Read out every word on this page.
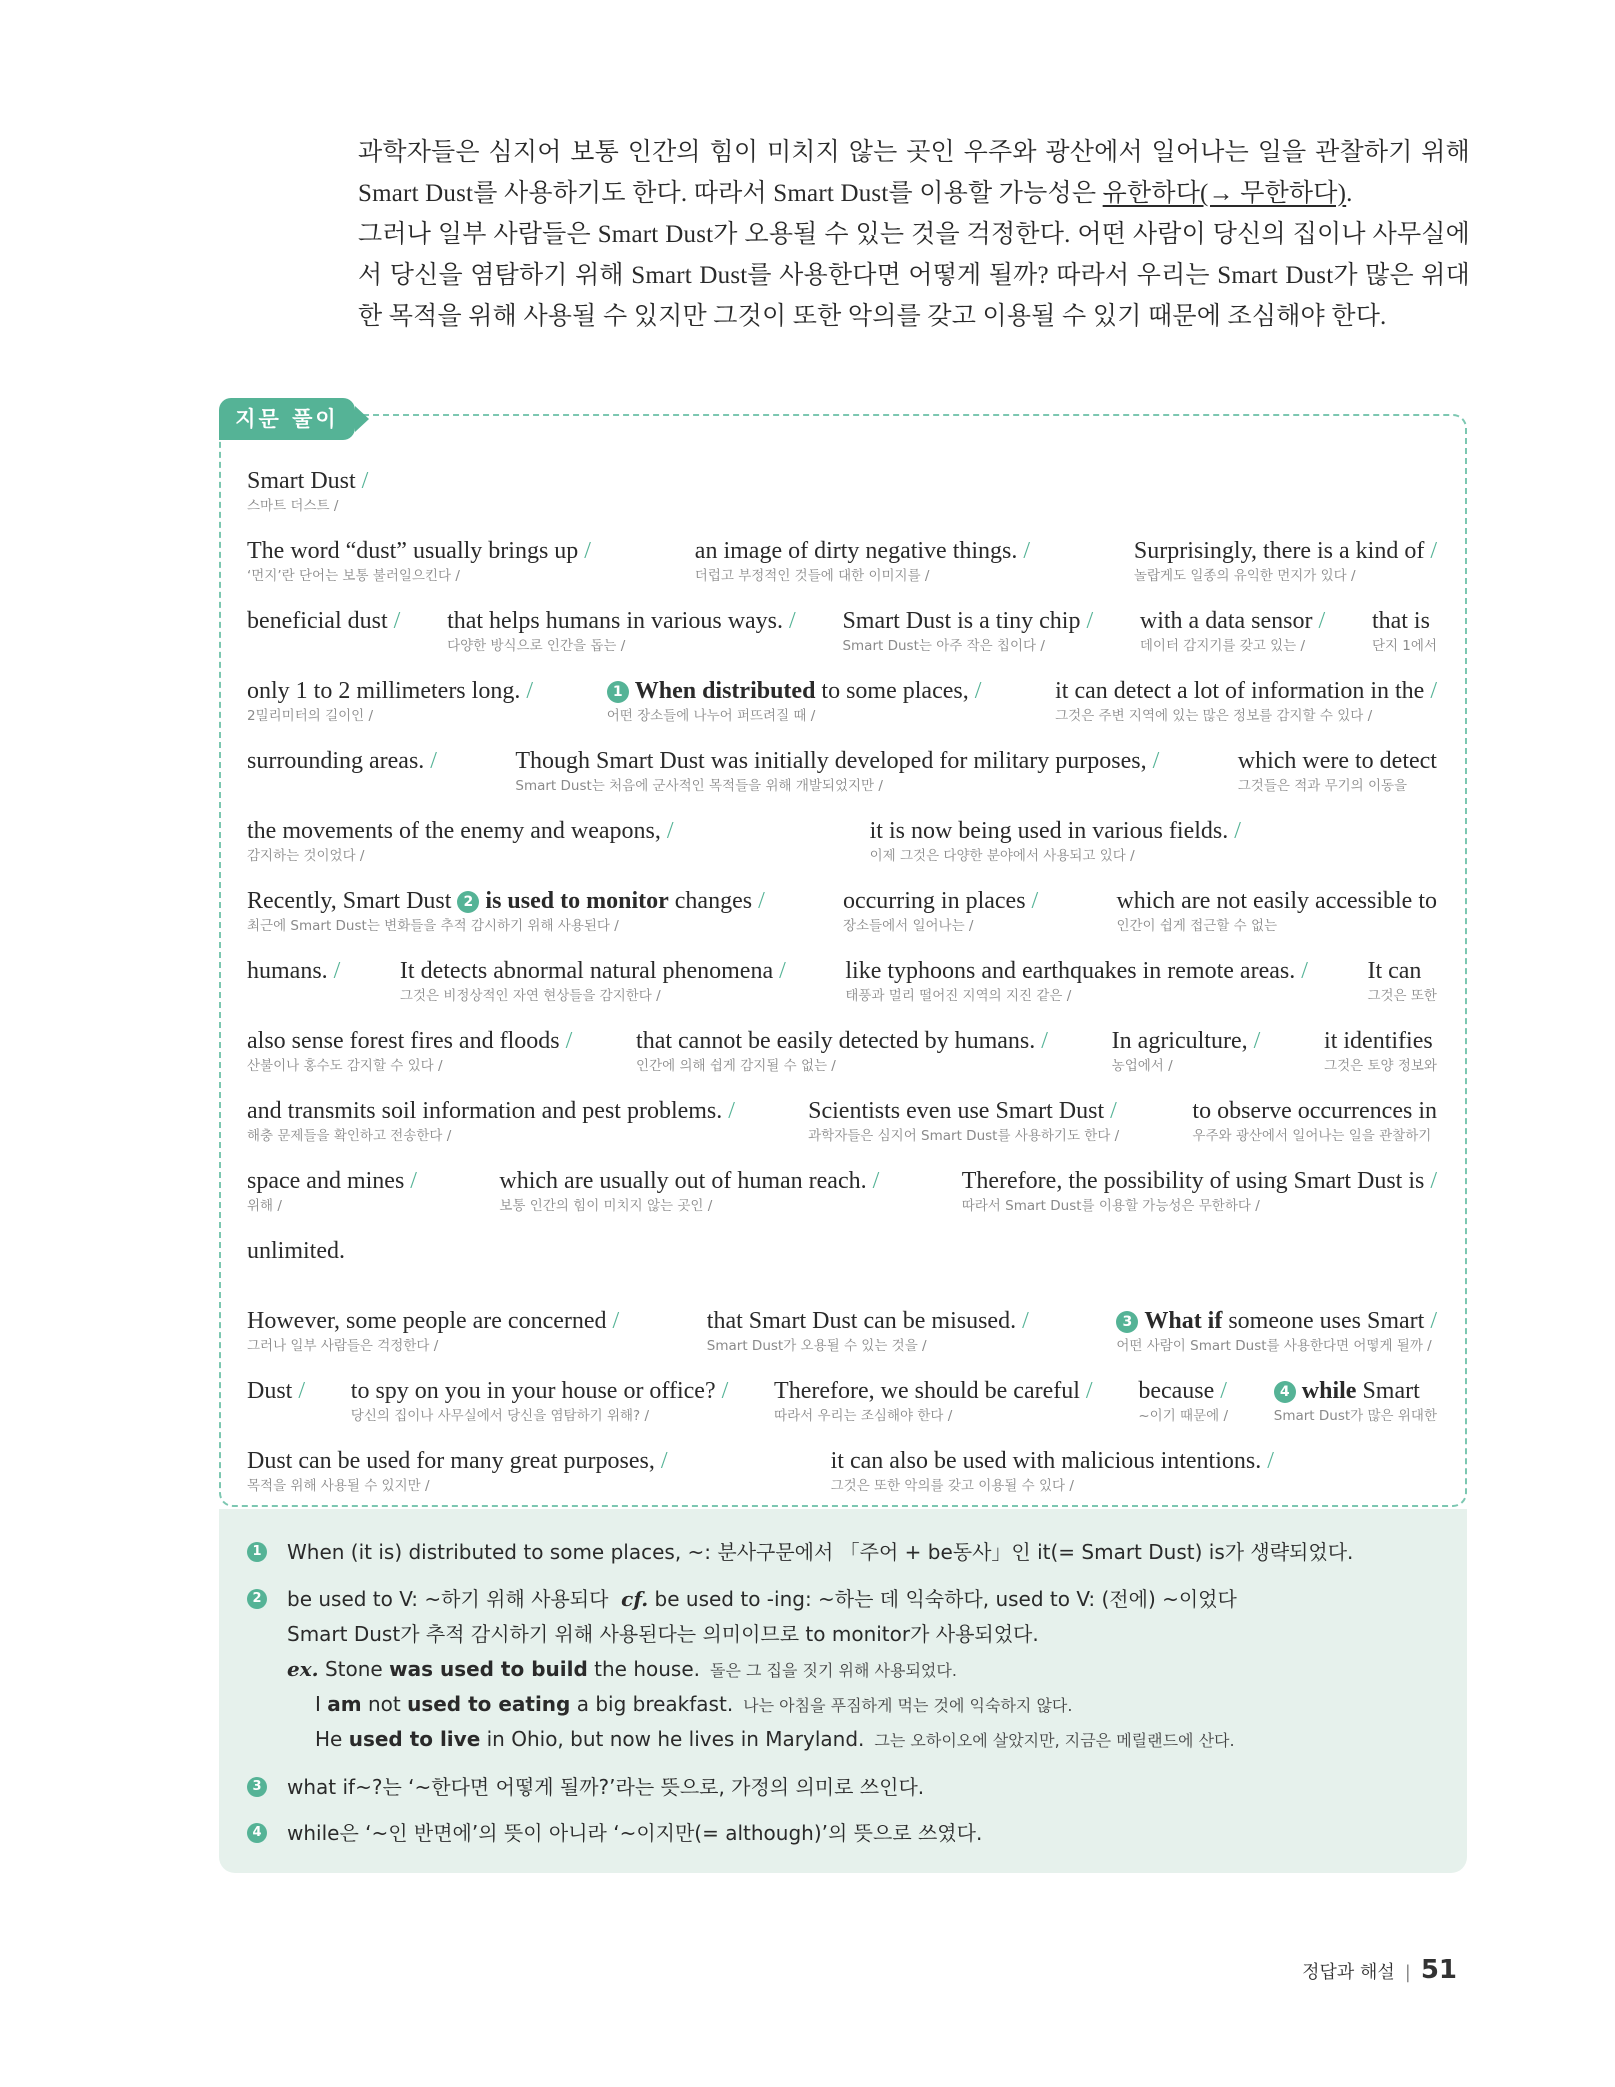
과학자들은 심지어 보통 인간의 힘이 미치지 않는 곳인 우주와 광산에서 일어나는 일을 관찰하기 위해 Smart Dust를 사용하기도 한다. 따라서 Smart Dust를 이용할 가능성은 유한하다(→ 무한하다).

그러나 일부 사람들은 Smart Dust가 오용될 수 있는 것을 걱정한다. 어떤 사람이 당신의 집이나 사무실에서 당신을 염탐하기 위해 Smart Dust를 사용한다면 어떻게 될까? 따라서 우리는 Smart Dust가 많은 위대한 목적을 위해 사용될 수 있지만 그것이 또한 악의를 갖고 이용될 수 있기 때문에 조심해야 한다.

지문 풀이
Smart Dust /
스마트 더스트 /
The word “dust” usually brings up /
‘먼지’란 단어는 보통 불러일으킨다 /
an image of dirty negative things. /
더럽고 부정적인 것들에 대한 이미지를 /
Surprisingly, there is a kind of /
놀랍게도 일종의 유익한 먼지가 있다 /
beneficial dust / that helps humans in various ways. /
다양한 방식으로 인간을 돕는 /
Smart Dust is a tiny chip /
Smart Dust는 아주 작은 칩이다 /
with a data sensor /
데이터 감지기를 갖고 있는 /
that is
단지 1에서
only 1 to 2 millimeters long. /
2밀리미터의 길이인 /
1 When distributed to some places, /
어떤 장소들에 나누어 퍼뜨려질 때 /
it can detect a lot of information in the /
그것은 주변 지역에 있는 많은 정보를 감지할 수 있다 /
surrounding areas. /	Though Smart Dust was initially developed for military purposes, /
Smart Dust는 처음에 군사적인 목적들을 위해 개발되었지만 /
which were to detect
그것들은 적과 무기의 이동을
the movements of the enemy and weapons, /
감지하는 것이었다 /
it is now being used in various fields. /
이제 그것은 다양한 분야에서 사용되고 있다 /
Recently, Smart Dust 2 is used to monitor changes /
최근에 Smart Dust는 변화들을 추적 감시하기 위해 사용된다 /
occurring in places /
장소들에서 일어나는 /
which are not easily accessible to
인간이 쉽게 접근할 수 없는
humans. / It detects abnormal natural phenomena /
그것은 비정상적인 자연 현상들을 감지한다 /
like typhoons and earthquakes in remote areas. /
태풍과 멀리 떨어진 지역의 지진 같은 /
It can
그것은 또한
also sense forest fires and floods /
산불이나 홍수도 감지할 수 있다 /
that cannot be easily detected by humans. /
인간에 의해 쉽게 감지될 수 없는 /
In agriculture, /
농업에서 /
it identifies
그것은 토양 정보와
and transmits soil information and pest problems. /
해충 문제들을 확인하고 전송한다 /
Scientists even use Smart Dust /
과학자들은 심지어 Smart Dust를 사용하기도 한다 /
to observe occurrences in
우주와 광산에서 일어나는 일을 관찰하기
space and mines /
위해 /
which are usually out of human reach. /
보통 인간의 힘이 미치지 않는 곳인 /
Therefore, the possibility of using Smart Dust is /
따라서 Smart Dust를 이용할 가능성은 무한하다 /
unlimited.
However, some people are concerned /
그러나 일부 사람들은 걱정한다 /
that Smart Dust can be misused. /
Smart Dust가 오용될 수 있는 것을 /
3 What if someone uses Smart /
어떤 사람이 Smart Dust를 사용한다면 어떻게 될까 /
Dust / to spy on you in your house or office? /
당신의 집이나 사무실에서 당신을 염탐하기 위해? /
Therefore, we should be careful /
따라서 우리는 조심해야 한다 /
because /
~이기 때문에 /
4 while Smart
Smart Dust가 많은 위대한
Dust can be used for many great purposes, /
목적을 위해 사용될 수 있지만 /
it can also be used with malicious intentions. /
그것은 또한 악의를 갖고 이용될 수 있다 /
1 When (it is) distributed to some places, ~: 분사구문에서 「주어 + be동사」인 it(= Smart Dust) is가 생략되었다.
2 be used to V: ~하기 위해 사용되다 cf. be used to -ing: ~하는 데 익숙하다, used to V: (전에) ~이었다
Smart Dust가 추적 감시하기 위해 사용된다는 의미이므로 to monitor가 사용되었다.
ex. Stone was used to build the house. 돌은 그 집을 짓기 위해 사용되었다.
I am not used to eating a big breakfast. 나는 아침을 푸짐하게 먹는 것에 익숙하지 않다.
He used to live in Ohio, but now he lives in Maryland. 그는 오하이오에 살았지만, 지금은 메릴랜드에 산다.
3 what if~?는 ‘~한다면 어떻게 될까?’라는 뜻으로, 가정의 의미로 쓰인다.
4 while은 ‘~인 반면에’의 뜻이 아니라 ‘~이지만(= although)’의 뜻으로 쓰였다.
정답과 해설 | 51
